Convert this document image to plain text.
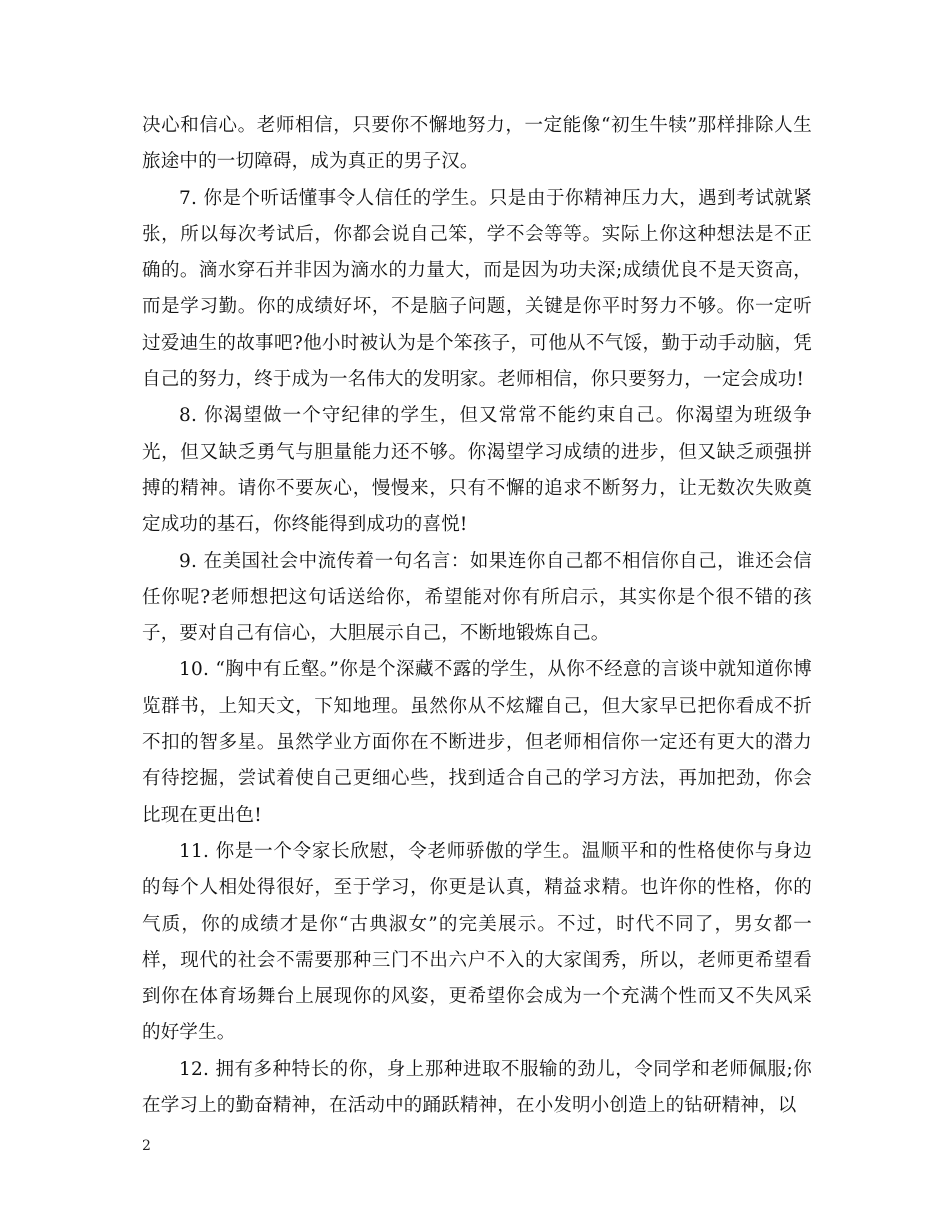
决心和信心。老师相信，只要你不懈地努力，一定能像“初生牛犊”那样排除人生旅途中的一切障碍，成为真正的男子汉。

7. 你是个听话懂事令人信任的学生。只是由于你精神压力大，遇到考试就紧张，所以每次考试后，你都会说自己笨，学不会等等。实际上你这种想法是不正确的。滴水穿石并非因为滴水的力量大，而是因为功夫深;成绩优良不是天资高，而是学习勤。你的成绩好坏，不是脑子问题，关键是你平时努力不够。你一定听过爱迪生的故事吧?他小时被认为是个笨孩子，可他从不气馁，勤于动手动脑，凭自己的努力，终于成为一名伟大的发明家。老师相信，你只要努力，一定会成功!

8. 你渴望做一个守纪律的学生，但又常常不能约束自己。你渴望为班级争光，但又缺乏勇气与胆量能力还不够。你渴望学习成绩的进步，但又缺乏顽强拼搏的精神。请你不要灰心，慢慢来，只有不懈的追求不断努力，让无数次失败奠定成功的基石，你终能得到成功的喜悦!

9. 在美国社会中流传着一句名言：如果连你自己都不相信你自己，谁还会信任你呢?老师想把这句话送给你，希望能对你有所启示，其实你是个很不错的孩子，要对自己有信心，大胆展示自己，不断地锻炼自己。

10. “胸中有丘壑。”你是个深藏不露的学生，从你不经意的言谈中就知道你博览群书，上知天文，下知地理。虽然你从不炫耀自己，但大家早已把你看成不折不扣的智多星。虽然学业方面你在不断进步，但老师相信你一定还有更大的潜力有待挖掘，尝试着使自己更细心些，找到适合自己的学习方法，再加把劲，你会比现在更出色!

11. 你是一个令家长欣慰，令老师骄傲的学生。温顺平和的性格使你与身边的每个人相处得很好，至于学习，你更是认真，精益求精。也许你的性格，你的气质，你的成绩才是你“古典淑女”的完美展示。不过，时代不同了，男女都一样，现代的社会不需要那种三门不出六户不入的大家闺秀，所以，老师更希望看到你在体育场舞台上展现你的风姿，更希望你会成为一个充满个性而又不失风采的好学生。

12. 拥有多种特长的你，身上那种进取不服输的劲儿，令同学和老师佩服;你在学习上的勤奋精神，在活动中的踊跃精神，在小发明小创造上的钻研精神，以

2
